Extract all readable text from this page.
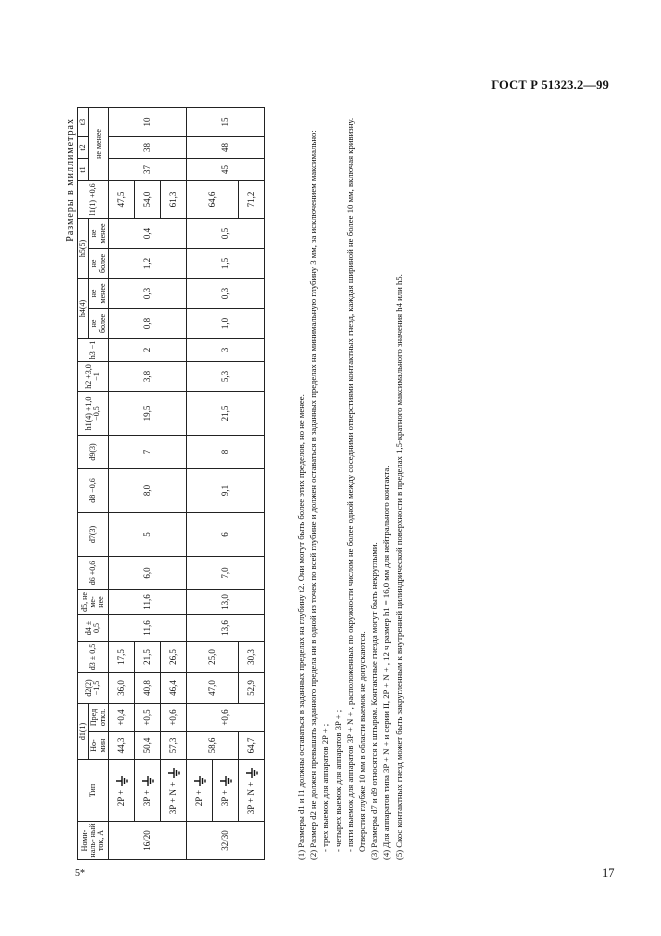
ГОСТ Р 51323.2—99
5*	17
Размеры в миллиметрах
Номи- наль- ный ток, А	Тип	d1(1)		d2(2) −1,5	d3 ± 0,5	d4 ± 0,5	d5, не ме- нее	d6 +0,6	d7(3)	d8 −0,6	d9(3)	h1(4) +1,0 −0,5	h2 +3,0 −1	h3 −1	h4(4)		h5(5)		l1(1) +0,6	t1	t2	t3
		Но- мин	Пред откл.												не более	не менее	не более	не менее		не менее		

16/20	2P +	44,3	+0,4	36,0	17,5	11,6	11,6	6,0	5	8,0	7	19,5	3,8	2	0,8	0,3	1,2	0,4	47,5	37	38	10
	3P +	50,4	+0,5	40,8	21,5														54,0			
	3P + N +	57,3	+0,6	46,4	26,5														61,3			
32/30	2P +	58,6	+0,6	47,0	25,0	13,6	13,0	7,0	6	9,1	8	21,5	5,3	3	1,0	0,3	1,5	0,5	64,6	45	48	15
	3P +																					
	3P + N +	64,7		52,9	30,3														71,2			

(1) Размеры d1 и l1 должны оставаться в заданных пределах на глубину t2. Они могут быть более этих пределов, но не менее. (2) Размер d2 не должен превышать заданного предела ни в одной из точек по всей глубине и должен оставаться в заданных пределах на минимальную глубину 3 мм, за исключением максимально: - трех выемок для аппаратов 2P + ; - четырех выемок для аппаратов 3P + ; - пяти выемок для аппаратов 3P + N + , расположенных по окружности числом не более одной между соседними отверстиями контактных гнезд, каждая шириной не более 10 мм, включая кривизну. Отверстия глубже 10 мм в области выемок не допускаются. (3) Размеры d7 и d9 относятся к штырям. Контактные гнезда могут быть некруглыми. (4) Для аппаратов типа 3P + N + и серии II, 2P + N + , 12 ч размер h1 = 16,0 мм для нейтрального контакта. (5) Скос контактных гнезд может быть закругленным к внутренней цилиндрической поверхности в пределах 1,5-кратного максимального значения h4 или h5.
